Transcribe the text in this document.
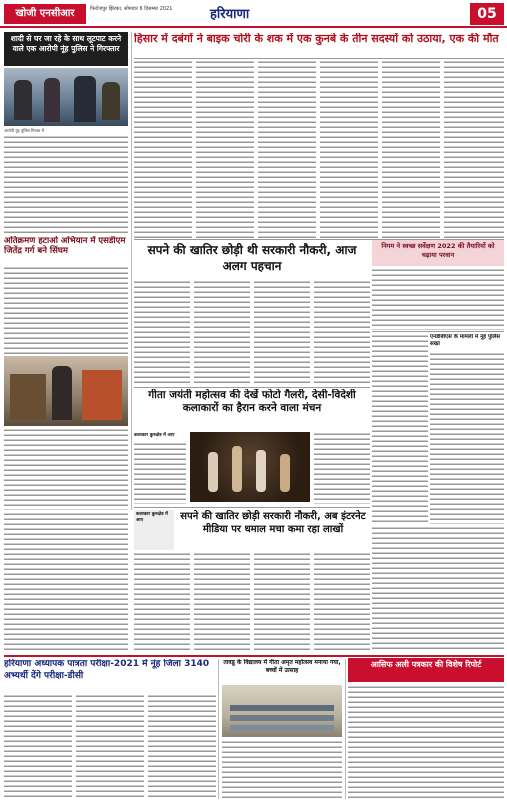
खोजी एनसीआर	फिरोजपुर झिरका, सोमवार 6 दिसम्बर 2021	हरियाणा	05
शादी से घर जा रहे के साथ लूटपाट करने वाले एक आरोपी नूंह पुलिस ने गिरफ्तार
आरोपी नूंह पुलिस गिरफ्त में
अतिक्रमण हटाओ अभियान में एसडीएम जितेंद्र गर्ग बने सिंघम
हिसार में दबंगों ने बाइक चोरी के शक में एक कुनबे के तीन सदस्यों को उठाया, एक की मौत
सपने की खातिर छोड़ी थी सरकारी नौकरी, आज अलग पहचान
निगम ने स्वच्छ सर्वेक्षण 2022 की तैयारियों को चढ़ाया परवान
एनडीबीएस के मामलों में नूंह पुलिस सख्त
गीता जयंती महोत्सव की देखें फोटो गैलरी, देसी-विदेशी कलाकारों का हैरान करने वाला मंचन
कलाकार कुरुक्षेत्र में आए
सपने की खातिर छोड़ी सरकारी नौकरी, अब इंटरनेट मीडिया पर धमाल मचा कमा रहा लाखों
कलाकार कुरुक्षेत्र में आए
हरियाणा अध्यापक पात्रता परीक्षा-2021 में नूंह जिला 3140 अभ्यर्थी देंगे परीक्षा-डीसी
तावडू के विद्यालय में गीता अमृत महोत्सव मनाया गया, बच्चों में उत्साह
आसिफ अली पत्रकार की विशेष रिपोर्ट
